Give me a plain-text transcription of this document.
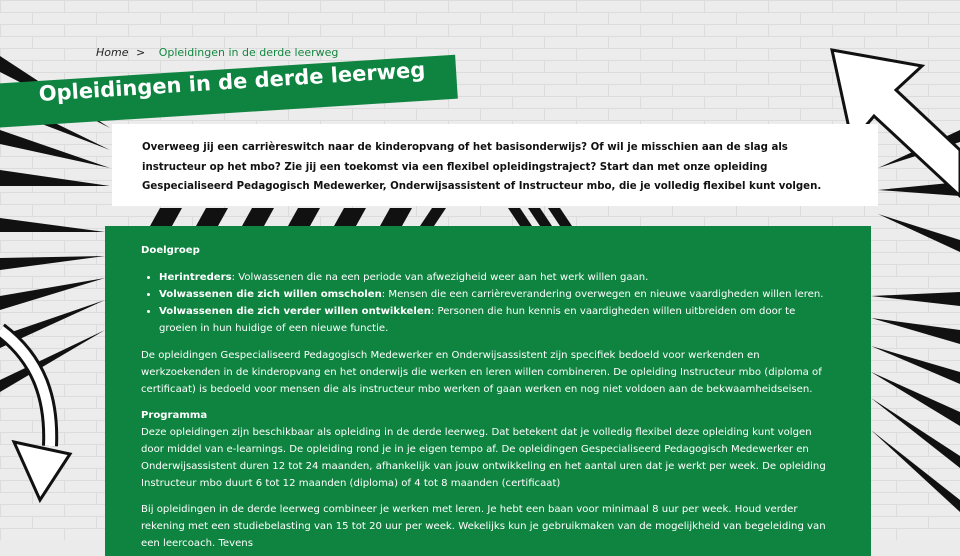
Home > Opleidingen in de derde leerweg
Opleidingen in de derde leerweg
Overweeg jij een carrièreswitch naar de kinderopvang of het basisonderwijs? Of wil je misschien aan de slag als instructeur op het mbo? Zie jij een toekomst via een flexibel opleidingstraject? Start dan met onze opleiding Gespecialiseerd Pedagogisch Medewerker, Onderwijsassistent of Instructeur mbo, die je volledig flexibel kunt volgen.
Doelgroep
• Herintreders: Volwassenen die na een periode van afwezigheid weer aan het werk willen gaan.
• Volwassenen die zich willen omscholen: Mensen die een carrièreverandering overwegen en nieuwe vaardigheden willen leren.
• Volwassenen die zich verder willen ontwikkelen: Personen die hun kennis en vaardigheden willen uitbreiden om door te groeien in hun huidige of een nieuwe functie.

De opleidingen Gespecialiseerd Pedagogisch Medewerker en Onderwijsassistent zijn specifiek bedoeld voor werkenden en werkzoekenden in de kinderopvang en het onderwijs die werken en leren willen combineren. De opleiding Instructeur mbo (diploma of certificaat) is bedoeld voor mensen die als instructeur mbo werken of gaan werken en nog niet voldoen aan de bekwaamheidseisen.

Programma
Deze opleidingen zijn beschikbaar als opleiding in de derde leerweg. Dat betekent dat je volledig flexibel deze opleiding kunt volgen door middel van e-learnings. De opleiding rond je in je eigen tempo af. De opleidingen Gespecialiseerd Pedagogisch Medewerker en Onderwijsassistent duren 12 tot 24 maanden, afhankelijk van jouw ontwikkeling en het aantal uren dat je werkt per week. De opleiding Instructeur mbo duurt 6 tot 12 maanden (diploma) of 4 tot 8 maanden (certificaat)

Bij opleidingen in de derde leerweg combineer je werken met leren. Je hebt een baan voor minimaal 8 uur per week. Houd verder rekening met een studiebelasting van 15 tot 20 uur per week. Wekelijks kun je gebruikmaken van de mogelijkheid van begeleiding van een leercoach. Tevens
